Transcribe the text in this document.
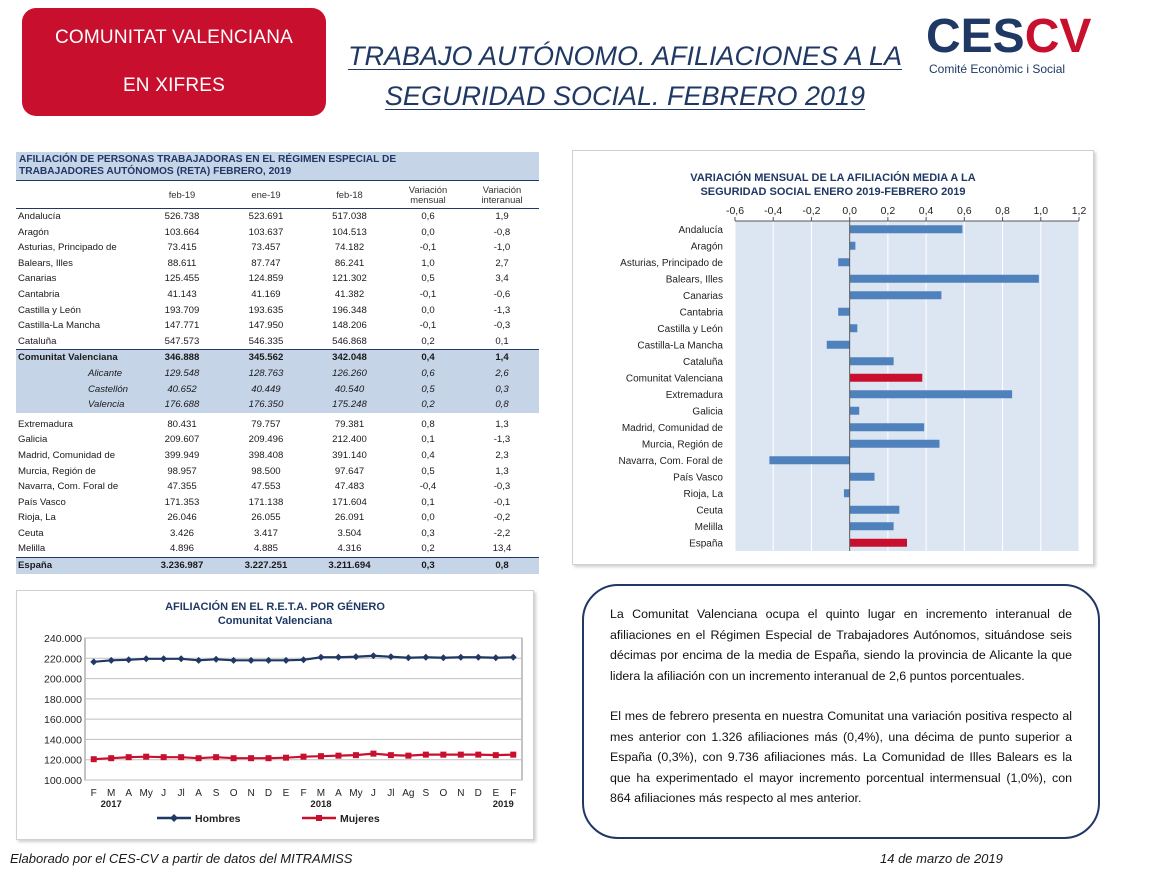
COMUNITAT VALENCIANA
EN XIFRES
TRABAJO AUTÓNOMO. AFILIACIONES A LA
SEGURIDAD SOCIAL. FEBRERO 2019
CESCV
Comité Econòmic i Social
AFILIACIÓN DE PERSONAS TRABAJADORAS EN EL RÉGIMEN ESPECIAL DE
TRABAJADORES AUTÓNOMOS (RETA) FEBRERO, 2019
	feb-19	ene-19	feb-18	Variación mensual	Variación interanual
Andalucía	526.738	523.691	517.038	0,6	1,9
Aragón	103.664	103.637	104.513	0,0	-0,8
Asturias, Principado de	73.415	73.457	74.182	-0,1	-1,0
Balears, Illes	88.611	87.747	86.241	1,0	2,7
Canarias	125.455	124.859	121.302	0,5	3,4
Cantabria	41.143	41.169	41.382	-0,1	-0,6
Castilla y León	193.709	193.635	196.348	0,0	-1,3
Castilla-La Mancha	147.771	147.950	148.206	-0,1	-0,3
Cataluña	547.573	546.335	546.868	0,2	0,1
Comunitat Valenciana	346.888	345.562	342.048	0,4	1,4
Alicante	129.548	128.763	126.260	0,6	2,6
Castellón	40.652	40.449	40.540	0,5	0,3
Valencia	176.688	176.350	175.248	0,2	0,8

Extremadura	80.431	79.757	79.381	0,8	1,3
Galicia	209.607	209.496	212.400	0,1	-1,3
Madrid, Comunidad de	399.949	398.408	391.140	0,4	2,3
Murcia, Región de	98.957	98.500	97.647	0,5	1,3
Navarra, Com. Foral de	47.355	47.553	47.483	-0,4	-0,3
País Vasco	171.353	171.138	171.604	0,1	-0,1
Rioja, La	26.046	26.055	26.091	0,0	-0,2
Ceuta	3.426	3.417	3.504	0,3	-2,2
Melilla	4.896	4.885	4.316	0,2	13,4
España	3.236.987	3.227.251	3.211.694	0,3	0,8
VARIACIÓN MENSUAL DE LA AFILIACIÓN MEDIA A LA
SEGURIDAD SOCIAL ENERO 2019-FEBRERO 2019
-0,6 -0,4 -0,2 0,0 0,2 0,4 0,6 0,8 1,0 1,2
Andalucía
Aragón
Asturias, Principado de
Balears, Illes
Canarias
Cantabria
Castilla y León
Castilla-La Mancha
Cataluña
Comunitat Valenciana
Extremadura
Galicia
Madrid, Comunidad de
Murcia, Región de
Navarra, Com. Foral de
País Vasco
Rioja, La
Ceuta
Melilla
España
AFILIACIÓN EN EL R.E.T.A. POR GÉNERO
Comunitat Valenciana
100.000
120.000
140.000
160.000
180.000
200.000
220.000
240.000
F M A My J Jl A S O N D E F M A My J Jl Ag S O N D E F
2017	2018	2019
Hombres	Mujeres

La Comunitat Valenciana ocupa el quinto lugar en incremento interanual de afiliaciones en el Régimen Especial de Trabajadores Autónomos, situándose seis décimas por encima de la media de España, siendo la provincia de Alicante la que lidera la afiliación con un incremento interanual de 2,6 puntos porcentuales.

El mes de febrero presenta en nuestra Comunitat una variación positiva respecto al mes anterior con 1.326 afiliaciones más (0,4%), una décima de punto superior a España (0,3%), con 9.736 afiliaciones más. La Comunidad de Illes Balears es la que ha experimentado el mayor incremento porcentual intermensual (1,0%), con 864 afiliaciones más respecto al mes anterior.

Elaborado por el CES-CV a partir de datos del MITRAMISS	14 de marzo de 2019
